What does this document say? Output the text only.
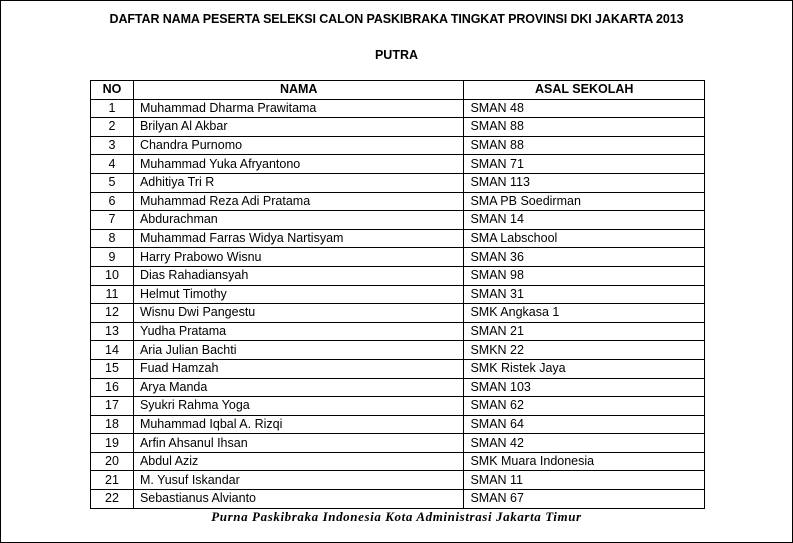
DAFTAR NAMA PESERTA SELEKSI CALON PASKIBRAKA TINGKAT PROVINSI DKI JAKARTA 2013
PUTRA
NO	NAMA	ASAL SEKOLAH
1	Muhammad Dharma Prawitama	SMAN 48
2	Brilyan Al Akbar	SMAN 88
3	Chandra Purnomo	SMAN 88
4	Muhammad Yuka Afryantono	SMAN 71
5	Adhitiya Tri R	SMAN 113
6	Muhammad Reza Adi Pratama	SMA PB Soedirman
7	Abdurachman	SMAN 14
8	Muhammad Farras Widya Nartisyam	SMA Labschool
9	Harry Prabowo Wisnu	SMAN 36
10	Dias Rahadiansyah	SMAN 98
11	Helmut Timothy	SMAN 31
12	Wisnu Dwi Pangestu	SMK Angkasa 1
13	Yudha Pratama	SMAN 21
14	Aria Julian Bachti	SMKN 22
15	Fuad Hamzah	SMK Ristek Jaya
16	Arya Manda	SMAN 103
17	Syukri Rahma Yoga	SMAN 62
18	Muhammad Iqbal A. Rizqi	SMAN 64
19	Arfin Ahsanul Ihsan	SMAN 42
20	Abdul Aziz	SMK Muara Indonesia
21	M. Yusuf Iskandar	SMAN 11
22	Sebastianus Alvianto	SMAN 67
Purna Paskibraka Indonesia Kota Administrasi Jakarta Timur
